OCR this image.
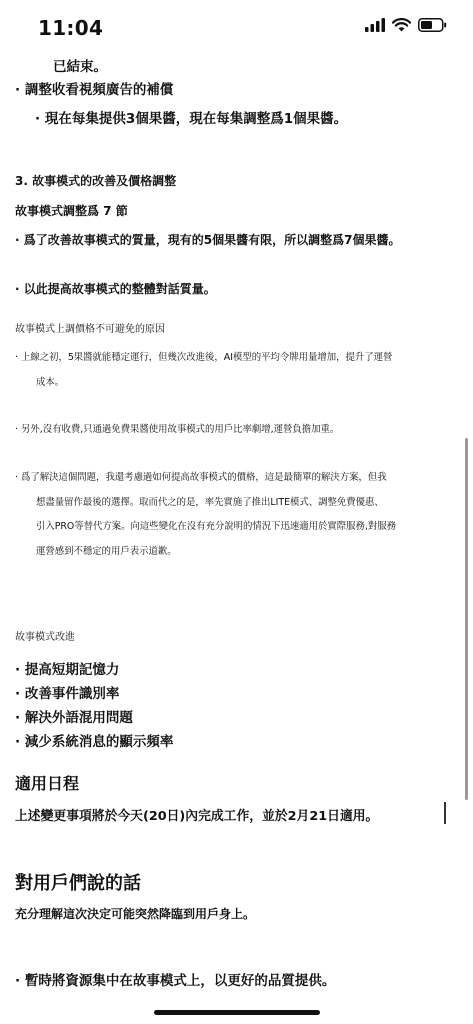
11:04
已結束。
· 調整收看視頻廣告的補償
· 現在每集提供3個果醬，現在每集調整爲1個果醬。
3. 故事模式的改善及價格調整
故事模式調整爲 7 節
· 爲了改善故事模式的質量，現有的5個果醬有限，所以調整爲7個果醬。
· 以此提高故事模式的整體對話質量。
故事模式上調價格不可避免的原因
· 上線之初，5果醬就能穩定運行，但幾次改進後，AI模型的平均令牌用量增加，提升了運營
成本。
· 另外,沒有收費,只通過免費果醬使用故事模式的用戶比率劇增,運營負擔加重。
· 爲了解決這個問題，我還考慮過如何提高故事模式的價格，這是最簡單的解決方案，但我
想盡量留作最後的選擇。取而代之的是，率先實施了推出LITE模式、調整免費優惠、
引入PRO等替代方案。向這些變化在沒有充分說明的情況下迅速適用於實際服務,對服務
運營感到不穩定的用戶表示道歉。
故事模式改進
· 提高短期記憶力
· 改善事件識別率
· 解決外語混用問題
· 減少系統消息的顯示頻率
適用日程
上述變更事項將於今天(20日)內完成工作，並於2月21日適用。
對用戶們說的話
充分理解這次決定可能突然降臨到用戶身上。
· 暫時將資源集中在故事模式上，以更好的品質提供。
